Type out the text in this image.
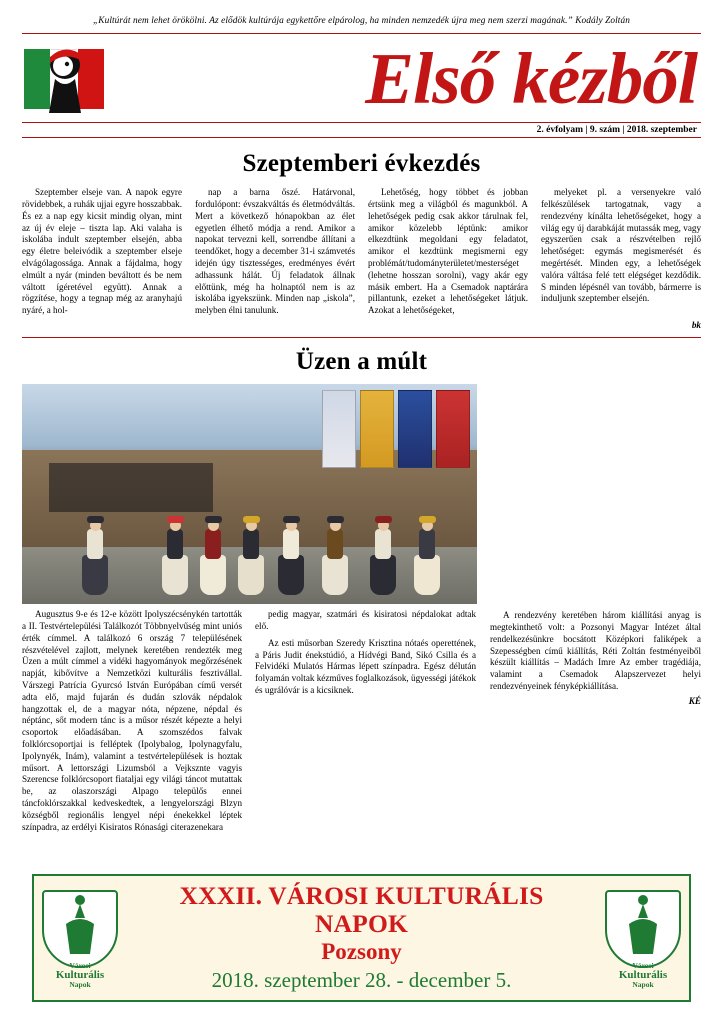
„Kultúrát nem lehet örökölni. Az elődök kultúrája egykettőre elpárolog, ha minden nemzedék újra meg nem szerzi magának.” Kodály Zoltán
Első kézből
2. évfolyam | 9. szám | 2018. szeptember
Szeptemberi évkezdés

Szeptember elseje van. A napok egyre rövidebbek, a ruhák ujjai egyre hosszabbak. És ez a nap egy kicsit mindig olyan, mint az új év eleje – tiszta lap. Aki valaha is iskolába indult szeptember elsején, abba egy életre beleivódik a szeptember elseje elvágólagossága. Annak a fájdalma, hogy elmúlt a nyár (minden beváltott és be nem váltott ígéretével együtt). Annak a rögzítése, hogy a tegnap még az aranyhajú nyáré, a hol-

nap a barna őszé. Határvonal, fordulópont: évszakváltás és életmódváltás. Mert a következő hónapokban az élet egyetlen élhető módja a rend. Amikor a napokat tervezni kell, sorrendbe állítani a teendőket, hogy a december 31-i számvetés idején úgy tisztességes, eredményes évért adhassunk hálát. Új feladatok állnak előttünk, még ha holnaptól nem is az iskolába igyekszünk. Minden nap „iskola”, melyben élni tanulunk.

Lehetőség, hogy többet és jobban értsünk meg a világból és magunkból. A lehetőségek pedig csak akkor tárulnak fel, amikor közelebb léptünk: amikor elkezdtünk megoldani egy feladatot, amikor el kezdtünk megismerni egy problémát/tudományterületet/mesterséget (lehetne hosszan sorolni), vagy akár egy másik embert. Ha a Csemadok naptárára pillantunk, ezeket a lehetőségeket látjuk. Azokat a lehetőségeket,

melyeket pl. a versenyekre való felkészülések tartogatnak, vagy a rendezvény kínálta lehetőségeket, hogy a világ egy új darabkáját mutassák meg, vagy egyszerűen csak a részvételben rejlő lehetőséget: egymás megismerését és megértését. Minden egy, a lehetőségek valóra váltása felé tett elégséget kezdődik. S minden lépésnél van tovább, bármerre is induljunk szeptember elsején.

bk
Üzen a múlt

Augusztus 9-e és 12-e között Ipolyszécsénykén tartották a II. Testvértelepülési Találkozót Többnyelvűség mint uniós érték címmel. A találkozó 6 ország 7 településének részvételével zajlott, melynek keretében rendezték meg Üzen a múlt címmel a vidéki hagyományok megőrzésének napját, kibővítve a Nemzetközi kulturális fesztivállal. Várszegi Patrícia Gyurcsó István Európában című versét adta elő, majd fujarán és dudán szlovák népdalok hangzottak el, de a magyar nóta, népzene, népdal és néptánc, sőt modern tánc is a műsor részét képezte a helyi csoportok előadásában. A szomszédos falvak folklórcsoportjai is felléptek (Ipolybalog, Ipolynagyfalu, Ipolynyék, Inám), valamint a testvértelepülések is hoztak műsort. A lettországi Lizumsból a Vejksznte vagyis Szerencse folklórcsoport fiataljai egy világi táncot mutattak be, az olaszországi Alpago települős ennei táncfoklórszakkal kedveskedtek, a lengyelországi Blzyn községből regionális lengyel népi énekekkel léptek színpadra, az erdélyi Kisiratos Rónasági citerazenekara

pedig magyar, szatmári és kisiratosi népdalokat adtak elő.

Az esti műsorban Szeredy Krisztina nótaés operettének, a Páris Judit énekstúdió, a Hídvégi Band, Sikó Csilla és a Felvidéki Mulatós Hármas lépett színpadra. Egész délután folyamán voltak kézműves foglalkozások, ügyességi játékok és ugrálóvár is a kicsiknek.

A rendezvény keretében három kiállítási anyag is megtekinthető volt: a Pozsonyi Magyar Intézet által rendelkezésünkre bocsátott Középkori faliképek a Szepességben című kiállítás, Réti Zoltán festményeiből készült kiállítás – Madách Imre Az ember tragédiája, valamint a Csemadok Alapszervezet helyi rendezvényeinek fényképkiállítása.

KÉ
Városi
Kulturális
Napok
XXXII. VÁROSI KULTURÁLIS NAPOK
Pozsony
2018. szeptember 28. - december 5.
Városi
Kulturális
Napok
